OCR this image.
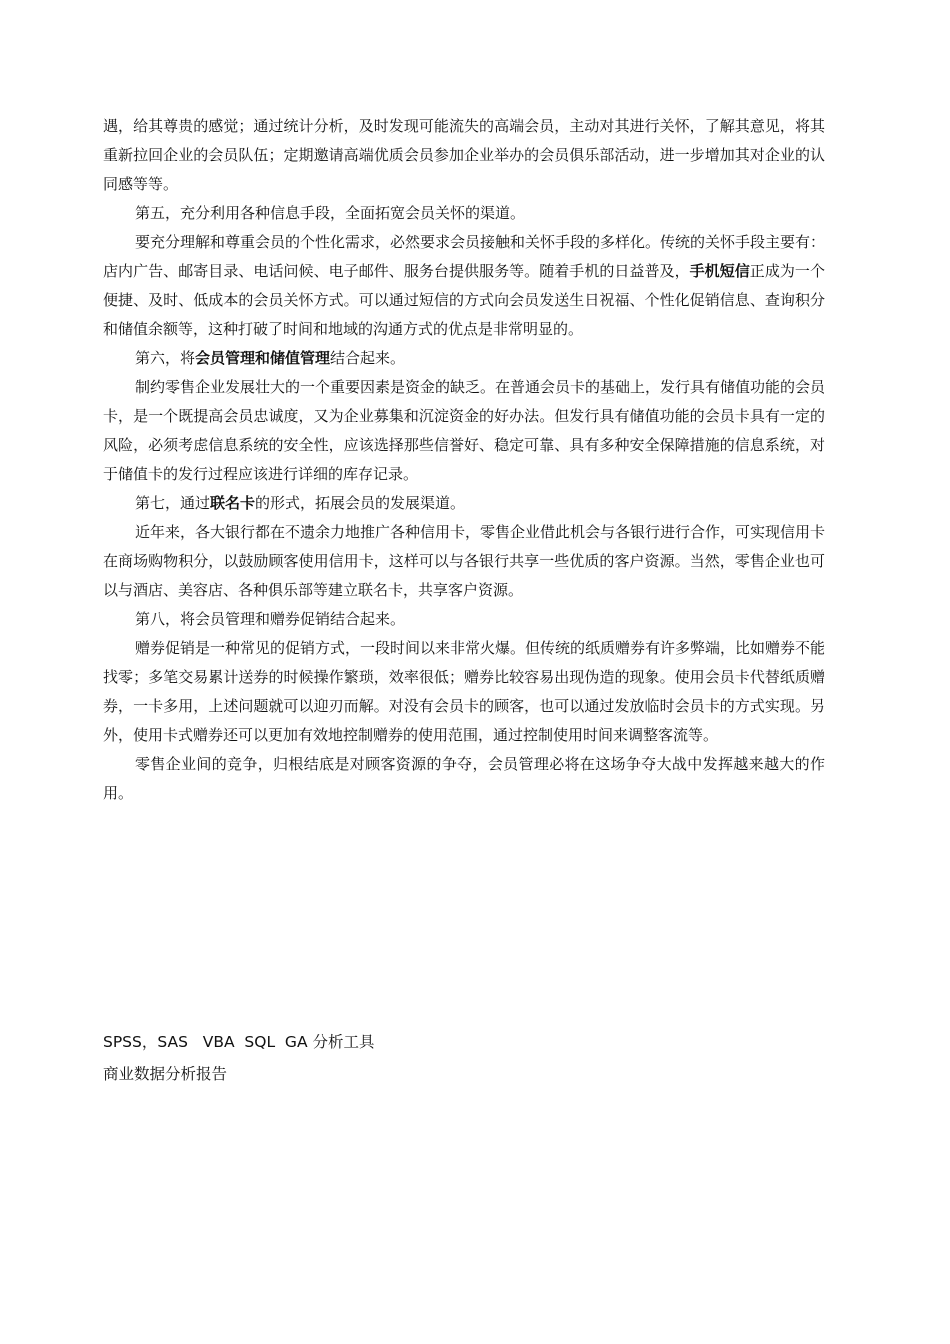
遇，给其尊贵的感觉；通过统计分析，及时发现可能流失的高端会员，主动对其进行关怀，了解其意见，将其重新拉回企业的会员队伍；定期邀请高端优质会员参加企业举办的会员俱乐部活动，进一步增加其对企业的认同感等等。

第五，充分利用各种信息手段，全面拓宽会员关怀的渠道。

要充分理解和尊重会员的个性化需求，必然要求会员接触和关怀手段的多样化。传统的关怀手段主要有：店内广告、邮寄目录、电话问候、电子邮件、服务台提供服务等。随着手机的日益普及，手机短信正成为一个便捷、及时、低成本的会员关怀方式。可以通过短信的方式向会员发送生日祝福、个性化促销信息、查询积分和储值余额等，这种打破了时间和地域的沟通方式的优点是非常明显的。

第六，将会员管理和储值管理结合起来。

制约零售企业发展壮大的一个重要因素是资金的缺乏。在普通会员卡的基础上，发行具有储值功能的会员卡，是一个既提高会员忠诚度，又为企业募集和沉淀资金的好办法。但发行具有储值功能的会员卡具有一定的风险，必须考虑信息系统的安全性，应该选择那些信誉好、稳定可靠、具有多种安全保障措施的信息系统，对于储值卡的发行过程应该进行详细的库存记录。

第七，通过联名卡的形式，拓展会员的发展渠道。

近年来，各大银行都在不遗余力地推广各种信用卡，零售企业借此机会与各银行进行合作，可实现信用卡在商场购物积分，以鼓励顾客使用信用卡，这样可以与各银行共享一些优质的客户资源。当然，零售企业也可以与酒店、美容店、各种俱乐部等建立联名卡，共享客户资源。

第八，将会员管理和赠券促销结合起来。

赠券促销是一种常见的促销方式，一段时间以来非常火爆。但传统的纸质赠券有许多弊端，比如赠券不能找零；多笔交易累计送券的时候操作繁琐，效率很低；赠券比较容易出现伪造的现象。使用会员卡代替纸质赠券，一卡多用，上述问题就可以迎刃而解。对没有会员卡的顾客，也可以通过发放临时会员卡的方式实现。另外，使用卡式赠券还可以更加有效地控制赠券的使用范围，通过控制使用时间来调整客流等。

零售企业间的竞争，归根结底是对顾客资源的争夺，会员管理必将在这场争夺大战中发挥越来越大的作用。

SPSS，SAS   VBA  SQL  GA 分析工具
商业数据分析报告
